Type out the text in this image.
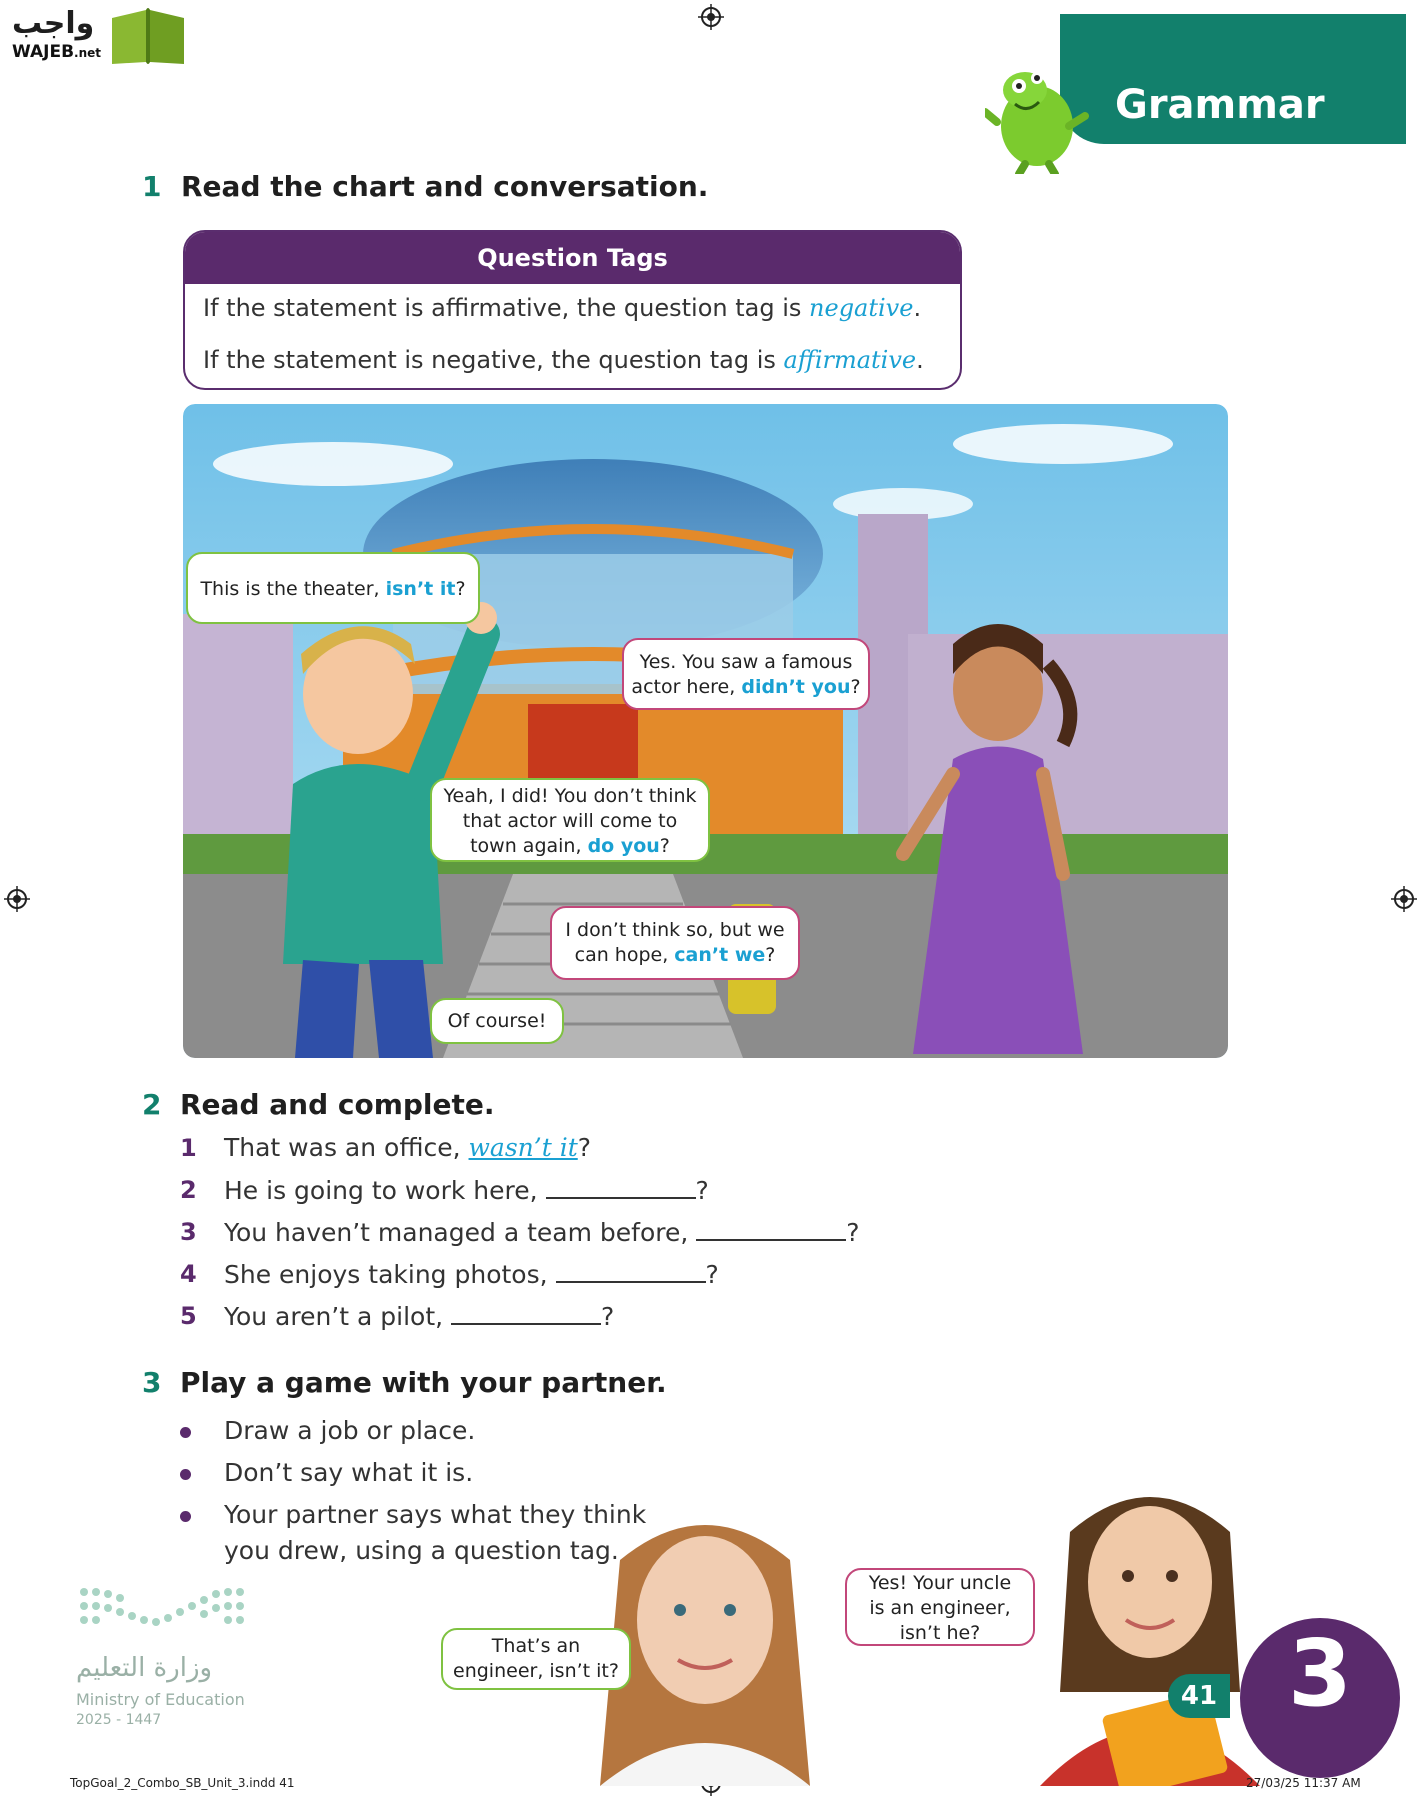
واجب
WAJEB.net
Grammar
1 Read the chart and conversation.
Question Tags
If the statement is affirmative, the question tag is negative.
If the statement is negative, the question tag is affirmative.
This is the theater, isn’t it?
Yes. You saw a famous
actor here, didn’t you?
Yeah, I did! You don’t think
that actor will come to
town again, do you?
I don’t think so, but we
can hope, can’t we?
Of course!
2 Read and complete.
1 That was an office, wasn’t it?
2 He is going to work here,	?
3 You haven’t managed a team before,	?
4 She enjoys taking photos,	?
5 You aren’t a pilot,	?
3 Play a game with your partner.
Draw a job or place.
Don’t say what it is.
Your partner says what they think
you drew, using a question tag.
That’s an
engineer, isn’t it?
Yes! Your uncle
is an engineer,
isn’t he?
وزارة التعليم
Ministry of Education
2025 - 1447
41 3
TopGoal_2_Combo_SB_Unit_3.indd 41	27/03/25 11:37 AM
